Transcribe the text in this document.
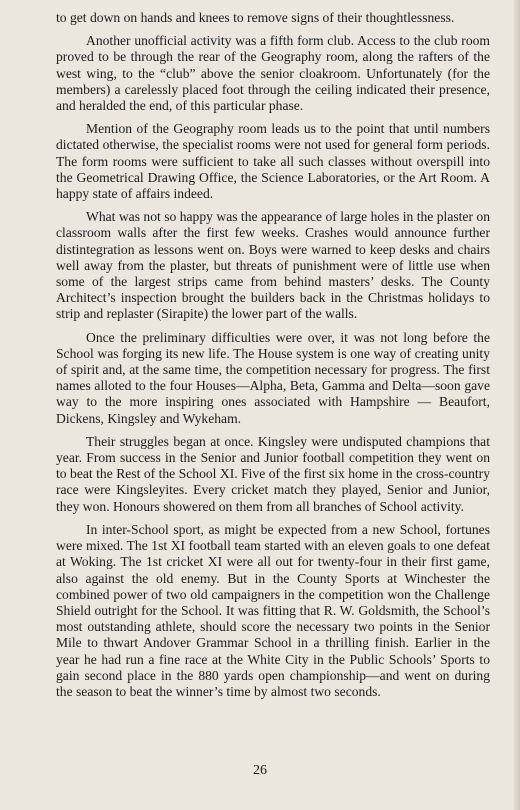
to get down on hands and knees to remove signs of their thoughtlessness.

Another unofficial activity was a fifth form club. Access to the club room proved to be through the rear of the Geography room, along the rafters of the west wing, to the “club” above the senior cloakroom. Unfortunately (for the members) a carelessly placed foot through the ceiling indicated their presence, and heralded the end, of this particular phase.

Mention of the Geography room leads us to the point that until numbers dictated otherwise, the specialist rooms were not used for general form periods. The form rooms were sufficient to take all such classes without overspill into the Geometrical Drawing Office, the Science Laboratories, or the Art Room. A happy state of affairs indeed.

What was not so happy was the appearance of large holes in the plaster on classroom walls after the first few weeks. Crashes would announce further distintegration as lessons went on. Boys were warned to keep desks and chairs well away from the plaster, but threats of punishment were of little use when some of the largest strips came from behind masters’ desks. The County Architect’s inspection brought the builders back in the Christmas holidays to strip and replaster (Sirapite) the lower part of the walls.

Once the preliminary difficulties were over, it was not long before the School was forging its new life. The House system is one way of creating unity of spirit and, at the same time, the competition necessary for progress. The first names alloted to the four Houses—Alpha, Beta, Gamma and Delta—soon gave way to the more inspiring ones associated with Hampshire — Beaufort, Dickens, Kingsley and Wykeham.

Their struggles began at once. Kingsley were undisputed champions that year. From success in the Senior and Junior football competition they went on to beat the Rest of the School XI. Five of the first six home in the cross-country race were Kingsleyites. Every cricket match they played, Senior and Junior, they won. Honours showered on them from all branches of School activity.

In inter-School sport, as might be expected from a new School, fortunes were mixed. The 1st XI football team started with an eleven goals to one defeat at Woking. The 1st cricket XI were all out for twenty-four in their first game, also against the old enemy. But in the County Sports at Winchester the combined power of two old campaigners in the competition won the Challenge Shield outright for the School. It was fitting that R. W. Goldsmith, the School’s most outstanding athlete, should score the necessary two points in the Senior Mile to thwart Andover Grammar School in a thrilling finish. Earlier in the year he had run a fine race at the White City in the Public Schools’ Sports to gain second place in the 880 yards open championship—and went on during the season to beat the winner’s time by almost two seconds.

26
